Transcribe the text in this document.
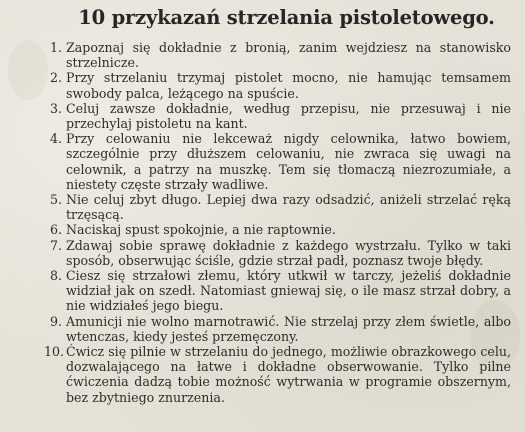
10 przykazań strzelania pistoletowego.
1. Zapoznaj się dokładnie z bronią, zanim wejdziesz na stanowisko strzelnicze.
2. Przy strzelaniu trzymaj pistolet mocno, nie hamując temsamem swobody palca, leżącego na spuście.
3. Celuj zawsze dokładnie, według przepisu, nie przesuwaj i nie przechylaj pistoletu na kant.
4. Przy celowaniu nie lekceważ nigdy celownika, łatwo bowiem, szczególnie przy dłuższem celowaniu, nie zwraca się uwagi na celownik, a patrzy na muszkę. Tem się tłomaczą niezrozumiałe, a niestety częste strzały wadliwe.
5. Nie celuj zbyt długo. Lepiej dwa razy odsadzić, aniżeli strzelać ręką trzęsącą.
6. Naciskaj spust spokojnie, a nie raptownie.
7. Zdawaj sobie sprawę dokładnie z każdego wystrzału. Tylko w taki sposób, obserwując ściśle, gdzie strzał padł, poznasz twoje błędy.
8. Ciesz się strzałowi złemu, który utkwił w tarczy, jeżeliś dokładnie widział jak on szedł. Natomiast gniewaj się, o ile masz strzał dobry, a nie widziałeś jego biegu.
9. Amunicji nie wolno marnotrawić. Nie strzelaj przy złem świetle, albo wtenczas, kiedy jesteś przemęczony.
10. Ćwicz się pilnie w strzelaniu do jednego, możliwie obrazkowego celu, dozwalającego na łatwe i dokładne obserwowanie. Tylko pilne ćwiczenia dadzą tobie możność wytrwania w programie obszernym, bez zbytniego znurzenia.
